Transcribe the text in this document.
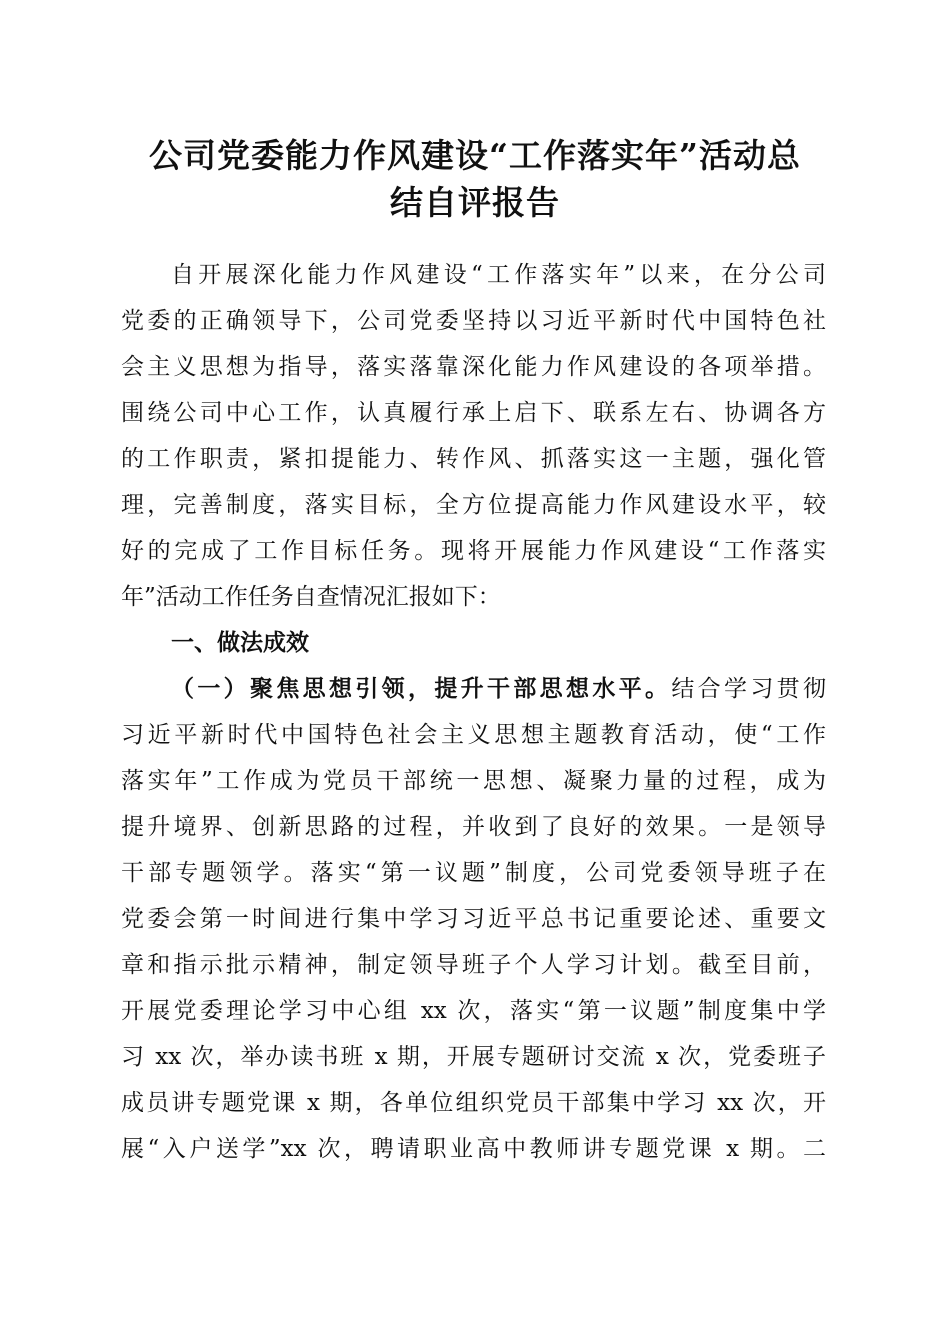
公司党委能力作风建设“工作落实年”活动总
结自评报告
自开展深化能力作风建设“工作落实年”以来，在分公司
党委的正确领导下，公司党委坚持以习近平新时代中国特色社
会主义思想为指导，落实落靠深化能力作风建设的各项举措。
围绕公司中心工作，认真履行承上启下、联系左右、协调各方
的工作职责，紧扣提能力、转作风、抓落实这一主题，强化管
理，完善制度，落实目标，全方位提高能力作风建设水平，较
好的完成了工作目标任务。现将开展能力作风建设“工作落实
年”活动工作任务自查情况汇报如下：
一、做法成效
（一）聚焦思想引领，提升干部思想水平。结合学习贯彻
习近平新时代中国特色社会主义思想主题教育活动，使“工作
落实年”工作成为党员干部统一思想、凝聚力量的过程，成为
提升境界、创新思路的过程，并收到了良好的效果。一是领导
干部专题领学。落实“第一议题”制度，公司党委领导班子在
党委会第一时间进行集中学习习近平总书记重要论述、重要文
章和指示批示精神，制定领导班子个人学习计划。截至目前，
开展党委理论学习中心组 xx 次，落实“第一议题”制度集中学
习 xx 次，举办读书班 x 期，开展专题研讨交流 x 次，党委班子
成员讲专题党课 x 期，各单位组织党员干部集中学习 xx 次，开
展“入户送学”xx 次，聘请职业高中教师讲专题党课 x 期。二
